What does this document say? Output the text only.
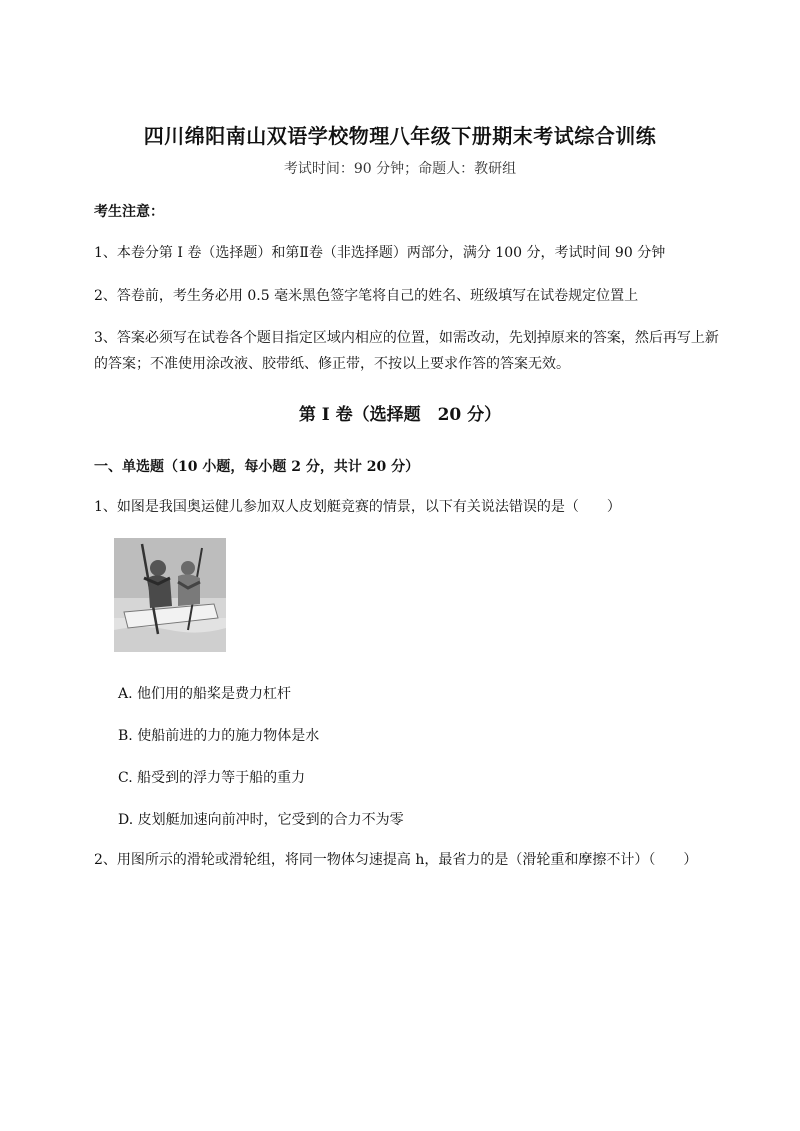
四川绵阳南山双语学校物理八年级下册期末考试综合训练
考试时间：90 分钟；命题人：教研组
考生注意：
1、本卷分第 I 卷（选择题）和第Ⅱ卷（非选择题）两部分，满分 100 分，考试时间 90 分钟
2、答卷前，考生务必用 0.5 毫米黑色签字笔将自己的姓名、班级填写在试卷规定位置上
3、答案必须写在试卷各个题目指定区域内相应的位置，如需改动，先划掉原来的答案，然后再写上新
的答案；不准使用涂改液、胶带纸、修正带，不按以上要求作答的答案无效。
第 I 卷（选择题　20 分）
一、单选题（10 小题，每小题 2 分，共计 20 分）
1、如图是我国奥运健儿参加双人皮划艇竞赛的情景，以下有关说法错误的是（　　）
A. 他们用的船桨是费力杠杆
B. 使船前进的力的施力物体是水
C. 船受到的浮力等于船的重力
D. 皮划艇加速向前冲时，它受到的合力不为零
2、用图所示的滑轮或滑轮组，将同一物体匀速提高 h，最省力的是（滑轮重和摩擦不计）（　　）
